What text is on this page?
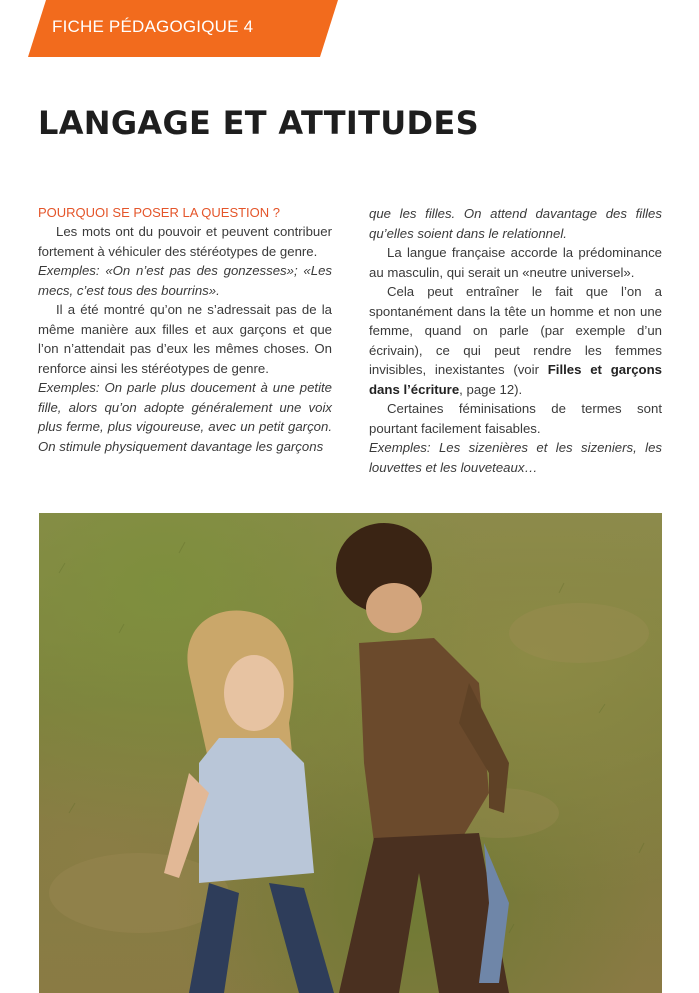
FICHE PÉDAGOGIQUE 4
LANGAGE ET ATTITUDES

POURQUOI SE POSER LA QUESTION ?

Les mots ont du pouvoir et peuvent contribuer fortement à véhiculer des stéréotypes de genre.

Exemples: «On n’est pas des gonzesses»; «Les mecs, c’est tous des bourrins».

Il a été montré qu’on ne s’adressait pas de la même manière aux filles et aux garçons et que l’on n’attendait pas d’eux les mêmes choses. On renforce ainsi les stéréotypes de genre.

Exemples: On parle plus doucement à une petite fille, alors qu’on adopte généralement une voix plus ferme, plus vigoureuse, avec un petit garçon. On stimule physiquement davantage les garçons

que les filles. On attend davantage des filles qu’elles soient dans le relationnel.

La langue française accorde la prédominance au masculin, qui serait un «neutre universel».

Cela peut entraîner le fait que l’on a spontanément dans la tête un homme et non une femme, quand on parle (par exemple d’un écrivain), ce qui peut rendre les femmes invisibles, inexistantes (voir Filles et garçons dans l’écriture, page 12).

Certaines féminisations de termes sont pourtant facilement faisables.

Exemples: Les sizenières et les sizeniers, les louvettes et les louveteaux…
